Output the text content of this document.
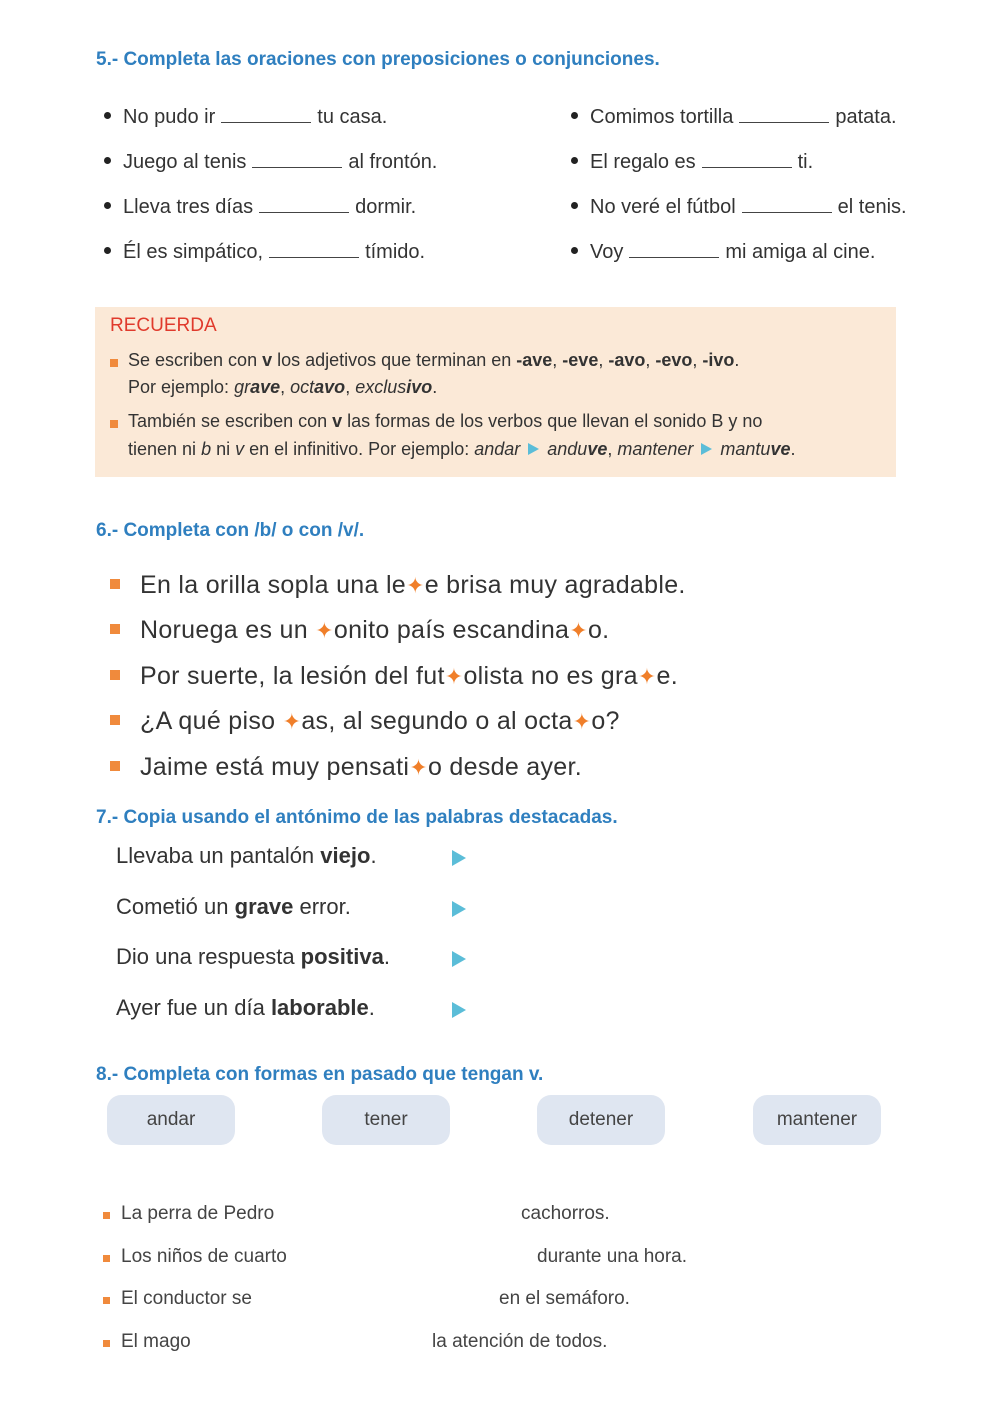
5.- Completa las oraciones con preposiciones o conjunciones.
No pudo ir	tu casa.
Juego al tenis	al frontón.
Lleva tres días	dormir.
Él es simpático,	tímido.
Comimos tortilla	patata.
El regalo es	ti.
No veré el fútbol	el tenis.
Voy	mi amiga al cine.
RECUERDA
Se escriben con v los adjetivos que terminan en -ave, -eve, -avo, -evo, -ivo.
Por ejemplo: grave, octavo, exclusivo.
También se escriben con v las formas de los verbos que llevan el sonido B y no
tienen ni b ni v en el infinitivo. Por ejemplo: andar anduve, mantener mantuve.
6.- Completa con /b/ o con /v/.
En la orilla sopla una le✦e brisa muy agradable.
Noruega es un ✦onito país escandina✦o.
Por suerte, la lesión del fut✦olista no es gra✦e.
¿A qué piso ✦as, al segundo o al octa✦o?
Jaime está muy pensati✦o desde ayer.
7.- Copia usando el antónimo de las palabras destacadas.
Llevaba un pantalón viejo.
Cometió un grave error.
Dio una respuesta positiva.
Ayer fue un día laborable.
8.- Completa con formas en pasado que tengan v.
andar	tener	detener	mantener
La perra de Pedro	cachorros.
Los niños de cuarto	durante una hora.
El conductor se	en el semáforo.
El mago	la atención de todos.
